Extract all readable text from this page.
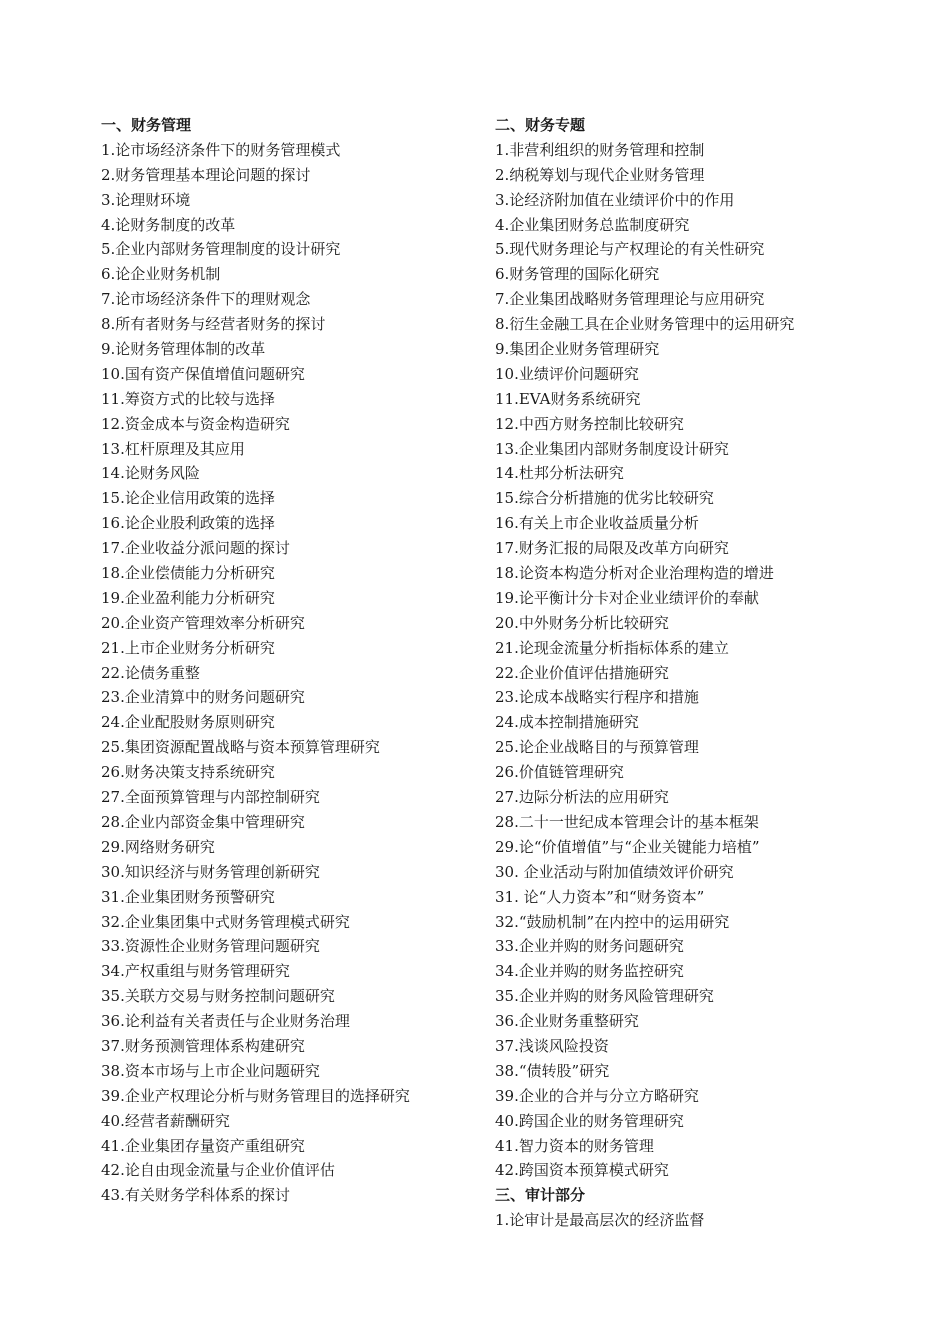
一、财务管理
1.论市场经济条件下的财务管理模式
2.财务管理基本理论问题的探讨
3.论理财环境
4.论财务制度的改革
5.企业内部财务管理制度的设计研究
6.论企业财务机制
7.论市场经济条件下的理财观念
8.所有者财务与经营者财务的探讨
9.论财务管理体制的改革
10.国有资产保值增值问题研究
11.筹资方式的比较与选择
12.资金成本与资金构造研究
13.杠杆原理及其应用
14.论财务风险
15.论企业信用政策的选择
16.论企业股利政策的选择
17.企业收益分派问题的探讨
18.企业偿债能力分析研究
19.企业盈利能力分析研究
20.企业资产管理效率分析研究
21.上市企业财务分析研究
22.论债务重整
23.企业清算中的财务问题研究
24.企业配股财务原则研究
25.集团资源配置战略与资本预算管理研究
26.财务决策支持系统研究
27.全面预算管理与内部控制研究
28.企业内部资金集中管理研究
29.网络财务研究
30.知识经济与财务管理创新研究
31.企业集团财务预警研究
32.企业集团集中式财务管理模式研究
33.资源性企业财务管理问题研究
34.产权重组与财务管理研究
35.关联方交易与财务控制问题研究
36.论利益有关者责任与企业财务治理
37.财务预测管理体系构建研究
38.资本市场与上市企业问题研究
39.企业产权理论分析与财务管理目的选择研究
40.经营者薪酬研究
41.企业集团存量资产重组研究
42.论自由现金流量与企业价值评估
43.有关财务学科体系的探讨
二、财务专题
1.非营利组织的财务管理和控制
2.纳税筹划与现代企业财务管理
3.论经济附加值在业绩评价中的作用
4.企业集团财务总监制度研究
5.现代财务理论与产权理论的有关性研究
6.财务管理的国际化研究
7.企业集团战略财务管理理论与应用研究
8.衍生金融工具在企业财务管理中的运用研究
9.集团企业财务管理研究
10.业绩评价问题研究
11.EVA财务系统研究
12.中西方财务控制比较研究
13.企业集团内部财务制度设计研究
14.杜邦分析法研究
15.综合分析措施的优劣比较研究
16.有关上市企业收益质量分析
17.财务汇报的局限及改革方向研究
18.论资本构造分析对企业治理构造的增进
19.论平衡计分卡对企业业绩评价的奉献
20.中外财务分析比较研究
21.论现金流量分析指标体系的建立
22.企业价值评估措施研究
23.论成本战略实行程序和措施
24.成本控制措施研究
25.论企业战略目的与预算管理
26.价值链管理研究
27.边际分析法的应用研究
28.二十一世纪成本管理会计的基本框架
29.论“价值增值”与“企业关键能力培植”
30. 企业活动与附加值绩效评价研究
31. 论“人力资本”和“财务资本”
32.“鼓励机制”在内控中的运用研究
33.企业并购的财务问题研究
34.企业并购的财务监控研究
35.企业并购的财务风险管理研究
36.企业财务重整研究
37.浅谈风险投资
38.“债转股”研究
39.企业的合并与分立方略研究
40.跨国企业的财务管理研究
41.智力资本的财务管理
42.跨国资本预算模式研究
三、审计部分
1.论审计是最高层次的经济监督
